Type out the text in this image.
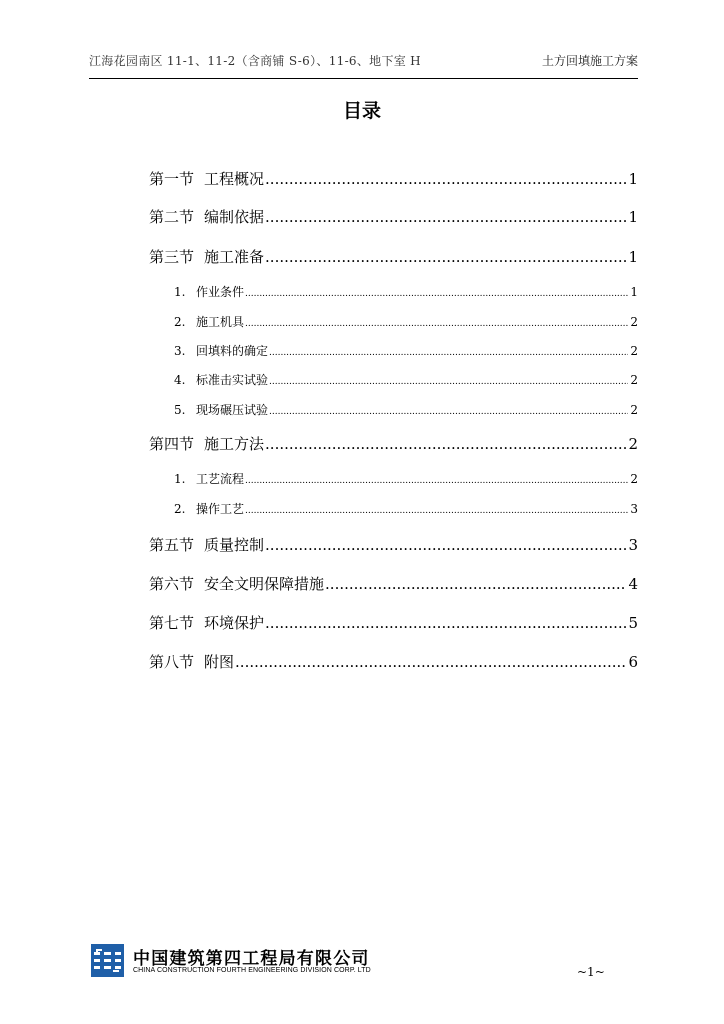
江海花园南区 11-1、11-2（含商铺 S-6）、11-6、地下室 H	土方回填施工方案
目录
第一节 工程概况 .....	1
第二节 编制依据 .....	1
第三节 施工准备 .....	1
1. 作业条件 .....	1
2. 施工机具 .....	2
3. 回填料的确定 .....	2
4. 标准击实试验 .....	2
5. 现场碾压试验 .....	2
第四节 施工方法 .....	2
1. 工艺流程 .....	2
2. 操作工艺 .....	3
第五节 质量控制 .....	3
第六节 安全文明保障措施 .....	4
第七节 环境保护 .....	5
第八节 附图 .....	6
中国建筑第四工程局有限公司
CHINA CONSTRUCTION FOURTH ENGINEERING DIVISION CORP. LTD	~1~
